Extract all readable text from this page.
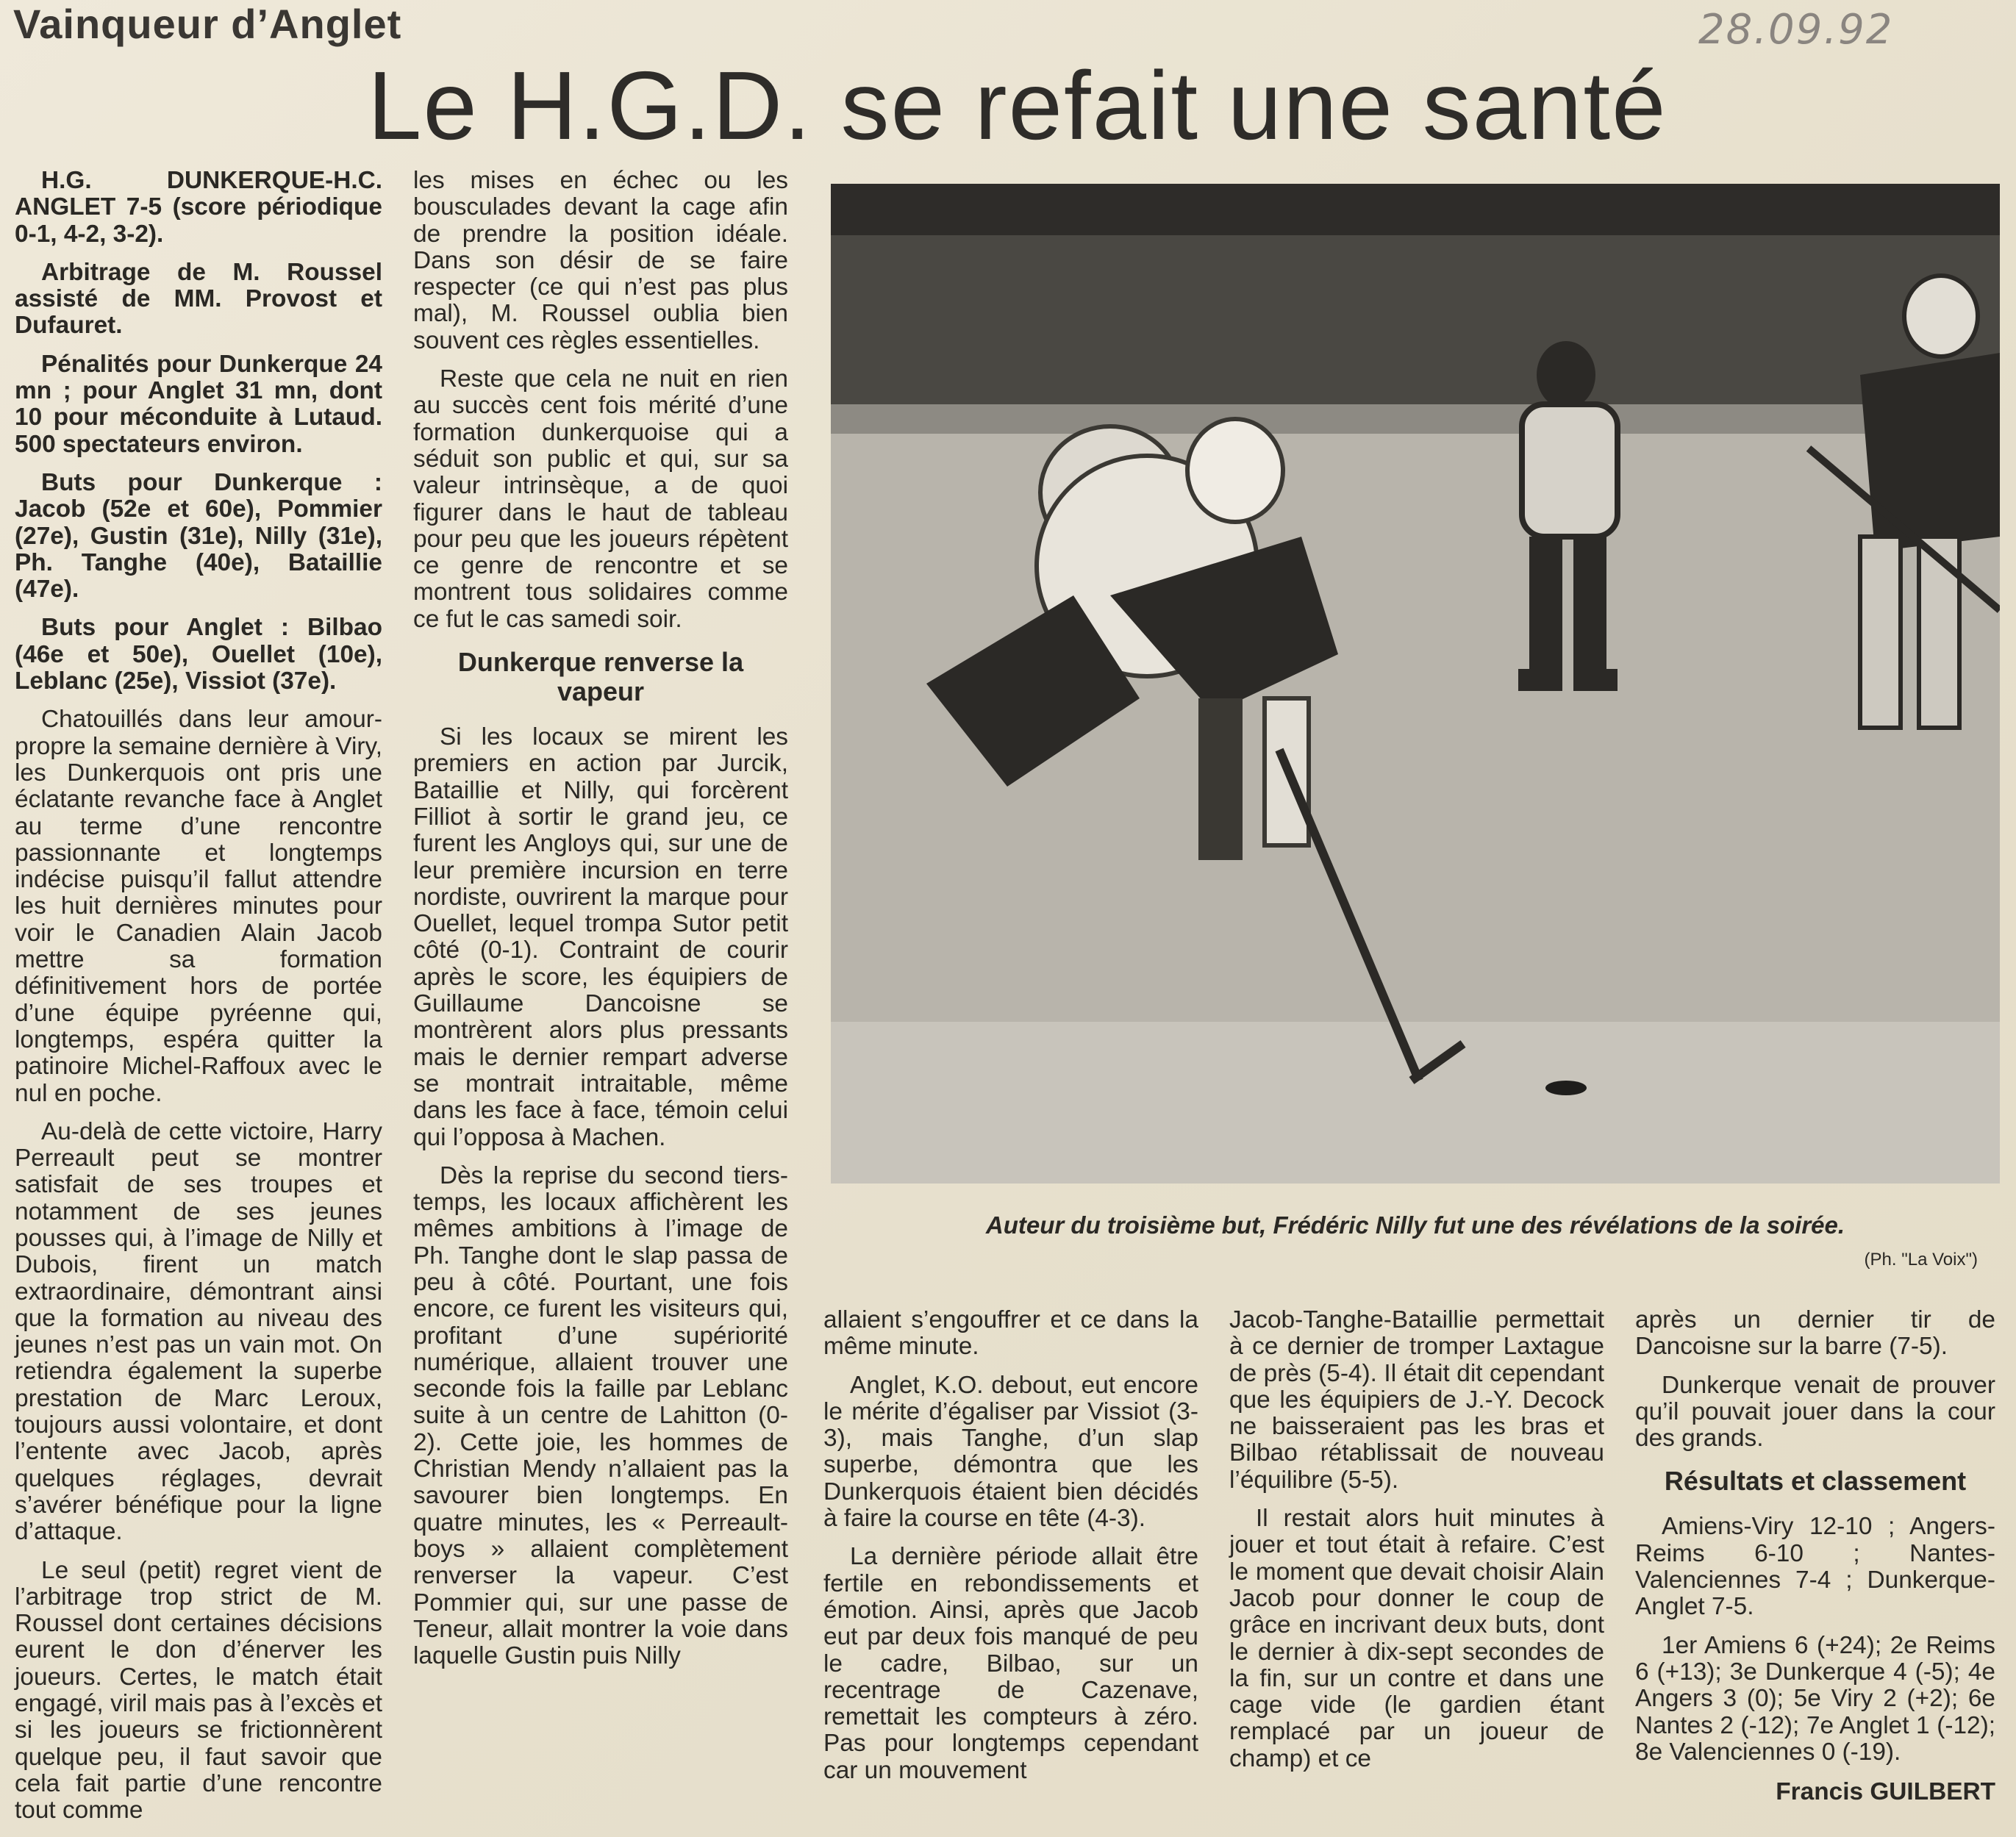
Vainqueur d’Anglet	28.09.92
Le H.G.D. se refait une santé

H.G. DUNKERQUE-H.C. ANGLET 7-5 (score périodique 0-1, 4-2, 3-2).

Arbitrage de M. Roussel assisté de MM. Provost et Dufauret.

Pénalités pour Dunkerque 24 mn ; pour Anglet 31 mn, dont 10 pour méconduite à Lutaud. 500 spectateurs environ.

Buts pour Dunkerque : Jacob (52e et 60e), Pommier (27e), Gustin (31e), Nilly (31e), Ph. Tanghe (40e), Bataillie (47e).

Buts pour Anglet : Bilbao (46e et 50e), Ouellet (10e), Leblanc (25e), Vissiot (37e).

Chatouillés dans leur amour-propre la semaine dernière à Viry, les Dunkerquois ont pris une éclatante revanche face à Anglet au terme d’une rencontre passionnante et longtemps indécise puisqu’il fallut attendre les huit dernières minutes pour voir le Canadien Alain Jacob mettre sa formation définitivement hors de portée d’une équipe pyréenne qui, longtemps, espéra quitter la patinoire Michel-Raffoux avec le nul en poche.

Au-delà de cette victoire, Harry Perreault peut se montrer satisfait de ses troupes et notamment de ses jeunes pousses qui, à l’image de Nilly et Dubois, firent un match extraordinaire, démontrant ainsi que la formation au niveau des jeunes n’est pas un vain mot. On retiendra également la superbe prestation de Marc Leroux, toujours aussi volontaire, et dont l’entente avec Jacob, après quelques réglages, devrait s’avérer bénéfique pour la ligne d’attaque.

Le seul (petit) regret vient de l’arbitrage trop strict de M. Roussel dont certaines décisions eurent le don d’énerver les joueurs. Certes, le match était engagé, viril mais pas à l’excès et si les joueurs se frictionnèrent quelque peu, il faut savoir que cela fait partie d’une rencontre tout comme

les mises en échec ou les bousculades devant la cage afin de prendre la position idéale. Dans son désir de se faire respecter (ce qui n’est pas plus mal), M. Roussel oublia bien souvent ces règles essentielles.

Reste que cela ne nuit en rien au succès cent fois mérité d’une formation dunkerquoise qui a séduit son public et qui, sur sa valeur intrinsèque, a de quoi figurer dans le haut de tableau pour peu que les joueurs répètent ce genre de rencontre et se montrent tous solidaires comme ce fut le cas samedi soir.

Dunkerque renverse la vapeur

Si les locaux se mirent les premiers en action par Jurcik, Bataillie et Nilly, qui forcèrent Filliot à sortir le grand jeu, ce furent les Angloys qui, sur une de leur première incursion en terre nordiste, ouvrirent la marque pour Ouellet, lequel trompa Sutor petit côté (0-1). Contraint de courir après le score, les équipiers de Guillaume Dancoisne se montrèrent alors plus pressants mais le dernier rempart adverse se montrait intraitable, même dans les face à face, témoin celui qui l’opposa à Machen.

Dès la reprise du second tiers-temps, les locaux affichèrent les mêmes ambitions à l’image de Ph. Tanghe dont le slap passa de peu à côté. Pourtant, une fois encore, ce furent les visiteurs qui, profitant d’une supériorité numérique, allaient trouver une seconde fois la faille par Leblanc suite à un centre de Lahitton (0-2). Cette joie, les hommes de Christian Mendy n’allaient pas la savourer bien longtemps. En quatre minutes, les « Perreault-boys » allaient complètement renverser la vapeur. C’est Pommier qui, sur une passe de Teneur, allait montrer la voie dans laquelle Gustin puis Nilly

Auteur du troisième but, Frédéric Nilly fut une des révélations de la soirée.
(Ph. "La Voix")

allaient s’engouffrer et ce dans la même minute.

Anglet, K.O. debout, eut encore le mérite d’égaliser par Vissiot (3-3), mais Tanghe, d’un slap superbe, démontra que les Dunkerquois étaient bien décidés à faire la course en tête (4-3).

La dernière période allait être fertile en rebondissements et émotion. Ainsi, après que Jacob eut par deux fois manqué de peu le cadre, Bilbao, sur un recentrage de Cazenave, remettait les compteurs à zéro. Pas pour longtemps cependant car un mouvement

Jacob-Tanghe-Bataillie permettait à ce dernier de tromper Laxtague de près (5-4). Il était dit cependant que les équipiers de J.-Y. Decock ne baisseraient pas les bras et Bilbao rétablissait de nouveau l’équilibre (5-5).

Il restait alors huit minutes à jouer et tout était à refaire. C’est le moment que devait choisir Alain Jacob pour donner le coup de grâce en incrivant deux buts, dont le dernier à dix-sept secondes de la fin, sur un contre et dans une cage vide (le gardien étant remplacé par un joueur de champ) et ce

après un dernier tir de Dancoisne sur la barre (7-5).

Dunkerque venait de prouver qu’il pouvait jouer dans la cour des grands.

Résultats et classement

Amiens-Viry 12-10 ; Angers-Reims 6-10 ; Nantes-Valenciennes 7-4 ; Dunkerque-Anglet 7-5.

1er Amiens 6 (+24); 2e Reims 6 (+13); 3e Dunkerque 4 (-5); 4e Angers 3 (0); 5e Viry 2 (+2); 6e Nantes 2 (-12); 7e Anglet 1 (-12); 8e Valenciennes 0 (-19).

Francis GUILBERT
